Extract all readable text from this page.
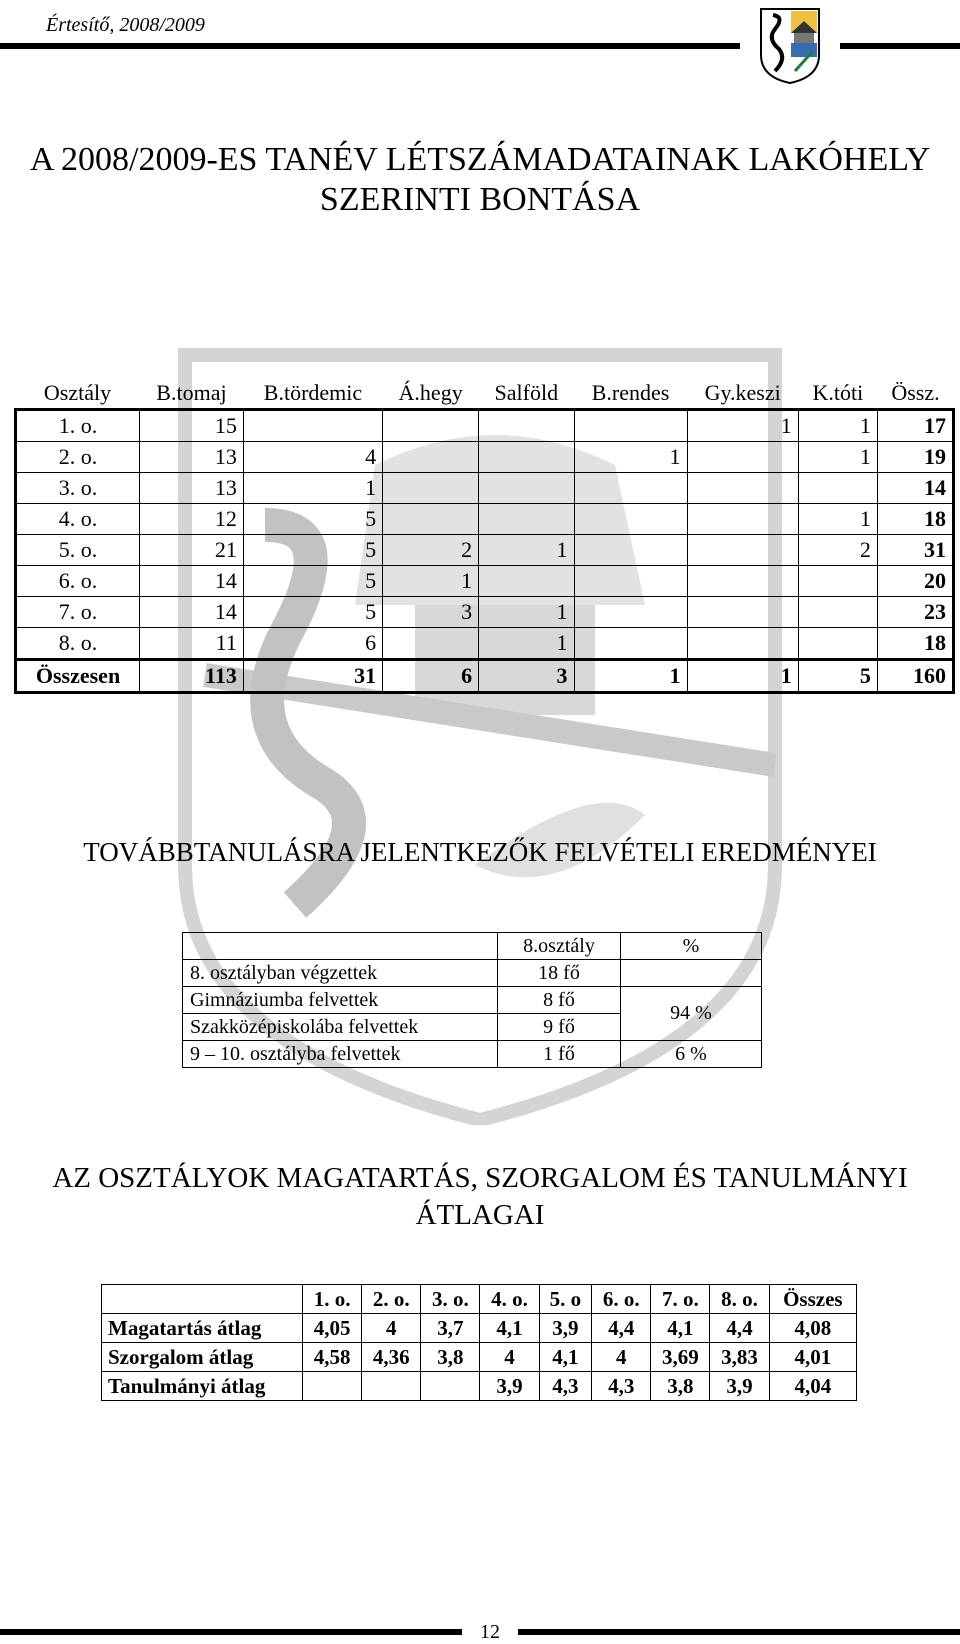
Értesítő, 2008/2009
A 2008/2009-ES TANÉV LÉTSZÁMADATAINAK LAKÓHELY
SZERINTI BONTÁSA
Osztály	B.tomaj	B.tördemic	Á.hegy	Salföld	B.rendes	Gy.keszi	K.tóti	Össz.
1. o.	15					1	1	17
2. o.	13	4			1		1	19
3. o.	13	1						14
4. o.	12	5					1	18
5. o.	21	5	2	1			2	31
6. o.	14	5	1					20
7. o.	14	5	3	1				23
8. o.	11	6		1				18
Összesen	113	31	6	3	1	1	5	160
TOVÁBBTANULÁSRA JELENTKEZŐK FELVÉTELI EREDMÉNYEI
	8.osztály	%
8. osztályban végzettek	18 fő	
Gimnáziumba felvettek	8 fő	94 %
Szakközépiskolába felvettek	9 fő	
9 – 10. osztályba felvettek	1 fő	6 %
AZ OSZTÁLYOK MAGATARTÁS, SZORGALOM ÉS TANULMÁNYI
ÁTLAGAI
	1. o.	2. o.	3. o.	4. o.	5. o	6. o.	7. o.	8. o.	Összes
Magatartás átlag	4,05	4	3,7	4,1	3,9	4,4	4,1	4,4	4,08
Szorgalom átlag	4,58	4,36	3,8	4	4,1	4	3,69	3,83	4,01
Tanulmányi átlag				3,9	4,3	4,3	3,8	3,9	4,04
12
